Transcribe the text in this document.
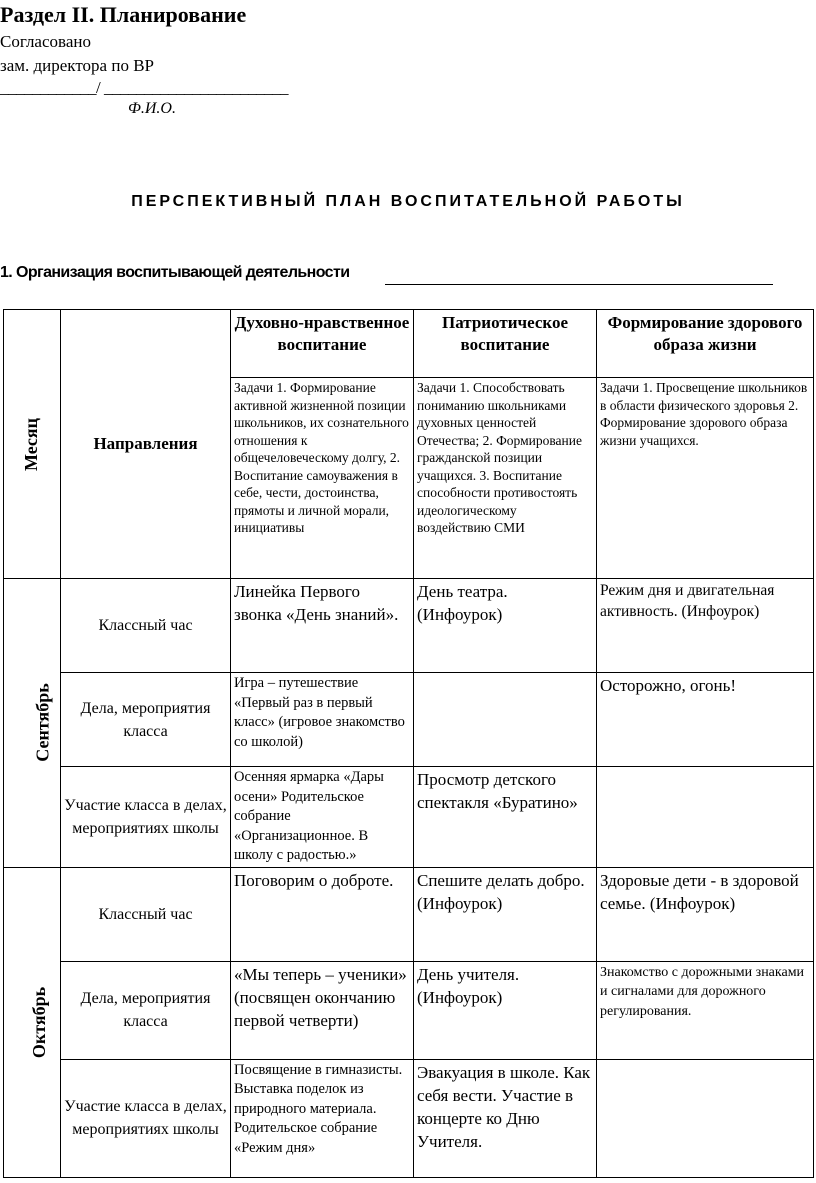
Раздел II. Планирование
Согласовано
зам. директора по ВР
____________/ _______________________
Ф.И.О.
ПЕРСПЕКТИВНЫЙ ПЛАН ВОСПИТАТЕЛЬНОЙ РАБОТЫ
1. Организация воспитывающей деятельности
Месяц	Направления	Духовно-нравственное воспитание	Патриотическое воспитание	Формирование здорового образа жизни
		Задачи 1. Формирование активной жизненной позиции школьников, их сознательного отношения к общечеловеческому долгу, 2. Воспитание самоуважения в себе, чести, достоинства, прямоты и личной морали, инициативы	Задачи 1. Способствовать пониманию школьниками духовных ценностей Отечества; 2. Формирование гражданской позиции учащихся. 3. Воспитание способности противостоять идеологическому воздействию СМИ	Задачи 1. Просвещение школьников в области физического здоровья 2. Формирование здорового образа жизни учащихся.
Сентябрь	Классный час	Линейка Первого звонка «День знаний».	День театра. (Инфоурок)	Режим дня и двигательная активность. (Инфоурок)
	Дела, мероприятия класса	Игра – путешествие «Первый раз в первый класс» (игровое знакомство со школой)		Осторожно, огонь!
	Участие класса в делах, мероприятиях школы	Осенняя ярмарка «Дары осени» Родительское собрание «Организационное. В школу с радостью.»	Просмотр детского спектакля «Буратино»	
Октябрь	Классный час	Поговорим о доброте.	Спешите делать добро. (Инфоурок)	Здоровые дети - в здоровой семье. (Инфоурок)
	Дела, мероприятия класса	«Мы теперь – ученики» (посвящен окончанию первой четверти)	День учителя. (Инфоурок)	Знакомство с дорожными знаками и сигналами для дорожного регулирования.
	Участие класса в делах, мероприятиях школы	Посвящение в гимназисты. Выставка поделок из природного материала. Родительское собрание «Режим дня»	Эвакуация в школе. Как себя вести. Участие в концерте ко Дню Учителя.	
